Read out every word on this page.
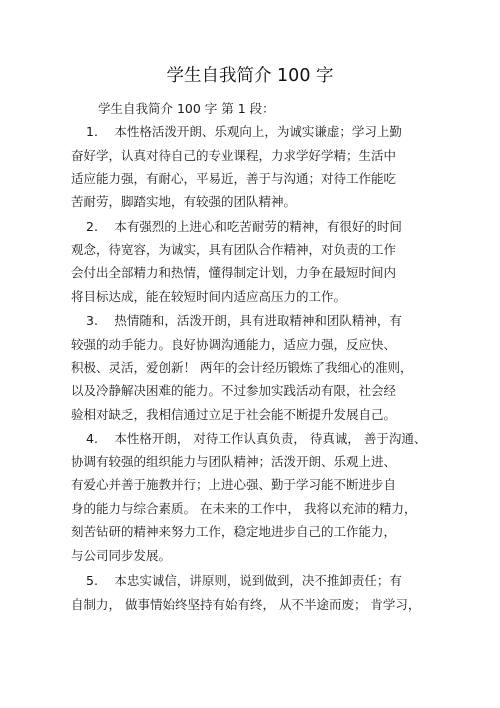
学生自我简介 100 字
学生自我简介 100 字 第 1 段：
1.　 本性格活泼开朗、乐观向上，为诚实谦虚；学习上勤
奋好学，认真对待自己的专业课程，力求学好学精；生活中
适应能力强，有耐心，平易近，善于与沟通；对待工作能吃
苦耐劳，脚踏实地，有较强的团队精神。
2.　 本有强烈的上进心和吃苦耐劳的精神，有很好的时间
观念，待宽容，为诚实，具有团队合作精神，对负责的工作
会付出全部精力和热情，懂得制定计划，力争在最短时间内
将目标达成，能在较短时间内适应高压力的工作。
3.　 热情随和，活泼开朗，具有进取精神和团队精神，有
较强的动手能力。良好协调沟通能力，适应力强，反应快、
积极、灵活，爱创新！ 两年的会计经历锻炼了我细心的准则，
以及冷静解决困难的能力。不过参加实践活动有限，社会经
验相对缺乏，我相信通过立足于社会能不断提升发展自己。
4.　 本性格开朗， 对待工作认真负责， 待真诚， 善于沟通、
协调有较强的组织能力与团队精神；活泼开朗、乐观上进、
有爱心并善于施教并行；上进心强、勤于学习能不断进步自
身的能力与综合素质。 在未来的工作中， 我将以充沛的精力，
刻苦钻研的精神来努力工作，稳定地进步自己的工作能力，
与公司同步发展。
5.　 本忠实诚信，讲原则，说到做到，决不推卸责任；有
自制力， 做事情始终坚持有始有终， 从不半途而废； 肯学习，
